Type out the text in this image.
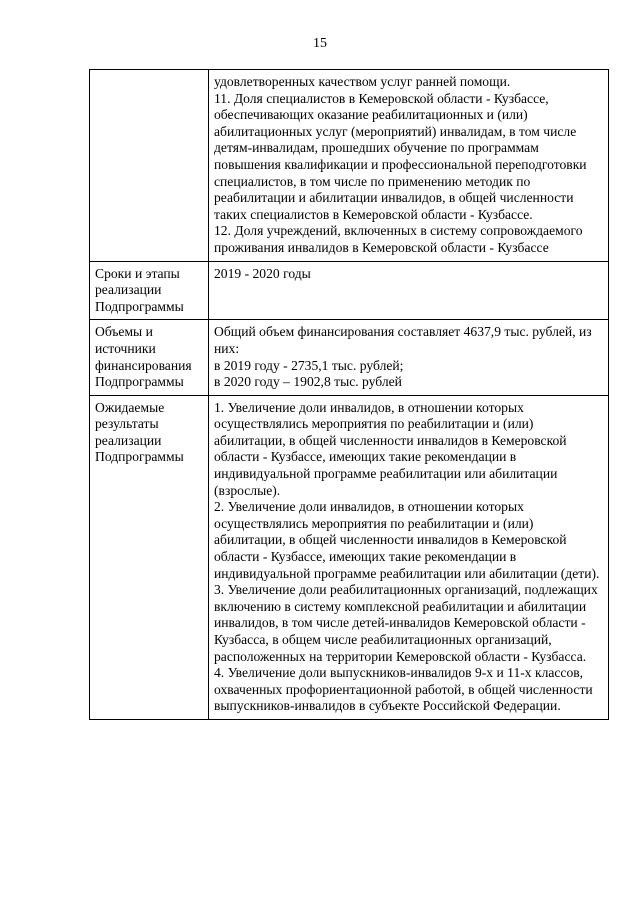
15

	удовлетворенных качеством услуг ранней помощи.
11. Доля специалистов в Кемеровской области - Кузбассе, обеспечивающих оказание реабилитационных и (или) абилитационных услуг (мероприятий) инвалидам, в том числе детям-инвалидам, прошедших обучение по программам повышения квалификации и профессиональной переподготовки специалистов, в том числе по применению методик по реабилитации и абилитации инвалидов, в общей численности таких специалистов в Кемеровской области - Кузбассе.
12. Доля учреждений, включенных в систему сопровождаемого проживания инвалидов в Кемеровской области - Кузбассе

Сроки и этапы реализации Подпрограммы	2019 - 2020 годы

Объемы и источники финансирования Подпрограммы	Общий объем финансирования составляет 4637,9 тыс. рублей, из них:
в 2019 году - 2735,1 тыс. рублей;
в 2020 году – 1902,8 тыс. рублей

Ожидаемые результаты реализации Подпрограммы	1. Увеличение доли инвалидов, в отношении которых осуществлялись мероприятия по реабилитации и (или) абилитации, в общей численности инвалидов в Кемеровской области - Кузбассе, имеющих такие рекомендации в индивидуальной программе реабилитации или абилитации (взрослые).
2. Увеличение доли инвалидов, в отношении которых осуществлялись мероприятия по реабилитации и (или) абилитации, в общей численности инвалидов в Кемеровской области - Кузбассе, имеющих такие рекомендации в индивидуальной программе реабилитации или абилитации (дети).
3. Увеличение доли реабилитационных организаций, подлежащих включению в систему комплексной реабилитации и абилитации инвалидов, в том числе детей-инвалидов Кемеровской области - Кузбасса, в общем числе реабилитационных организаций, расположенных на территории Кемеровской области - Кузбасса.
4. Увеличение доли выпускников-инвалидов 9-х и 11-х классов, охваченных профориентационной работой, в общей численности выпускников-инвалидов в субъекте Российской Федерации.
